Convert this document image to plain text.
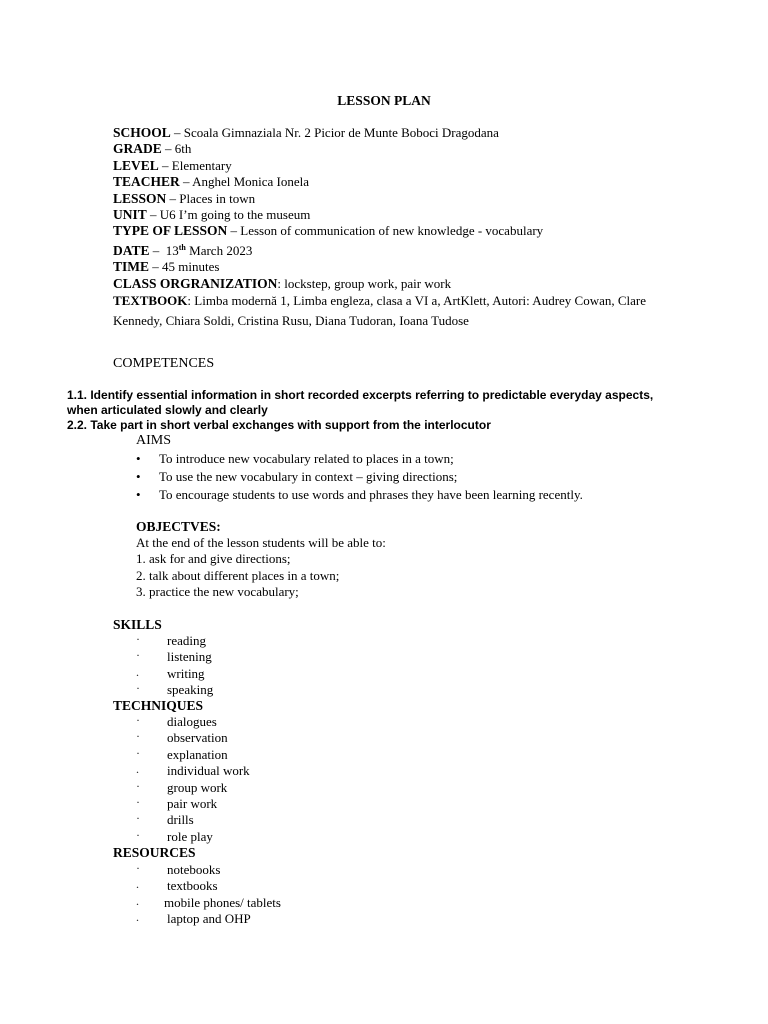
LESSON PLAN
SCHOOL – Scoala Gimnaziala Nr. 2 Picior de Munte Boboci Dragodana
GRADE – 6th
LEVEL – Elementary
TEACHER – Anghel Monica Ionela
LESSON – Places in town
UNIT – U6 I’m going to the museum
TYPE OF LESSON – Lesson of communication of new knowledge - vocabulary
DATE – 13th March 2023
TIME – 45 minutes
CLASS ORGRANIZATION: lockstep, group work, pair work
TEXTBOOK: Limba modernă 1, Limba engleza, clasa a VI a, ArtKlett, Autori: Audrey Cowan, Clare
Kennedy, Chiara Soldi, Cristina Rusu, Diana Tudoran, Ioana Tudose
COMPETENCES
1.1. Identify essential information in short recorded excerpts referring to predictable everyday aspects,
when articulated slowly and clearly
2.2. Take part in short verbal exchanges with support from the interlocutor
AIMS
• To introduce new vocabulary related to places in a town;
• To use the new vocabulary in context – giving directions;
• To encourage students to use words and phrases they have been learning recently.
OBJECTVES:
At the end of the lesson students will be able to:
1. ask for and give directions;
2. talk about different places in a town;
3. practice the new vocabulary;
SKILLS
·	reading
·	listening
.	writing
·	speaking
TECHNIQUES
·	dialogues
·	observation
·	explanation
.	individual work
·	group work
·	pair work
·	drills
·	role play
RESOURCES
·	notebooks
.	textbooks
.	mobile phones/ tablets
.	laptop and OHP
